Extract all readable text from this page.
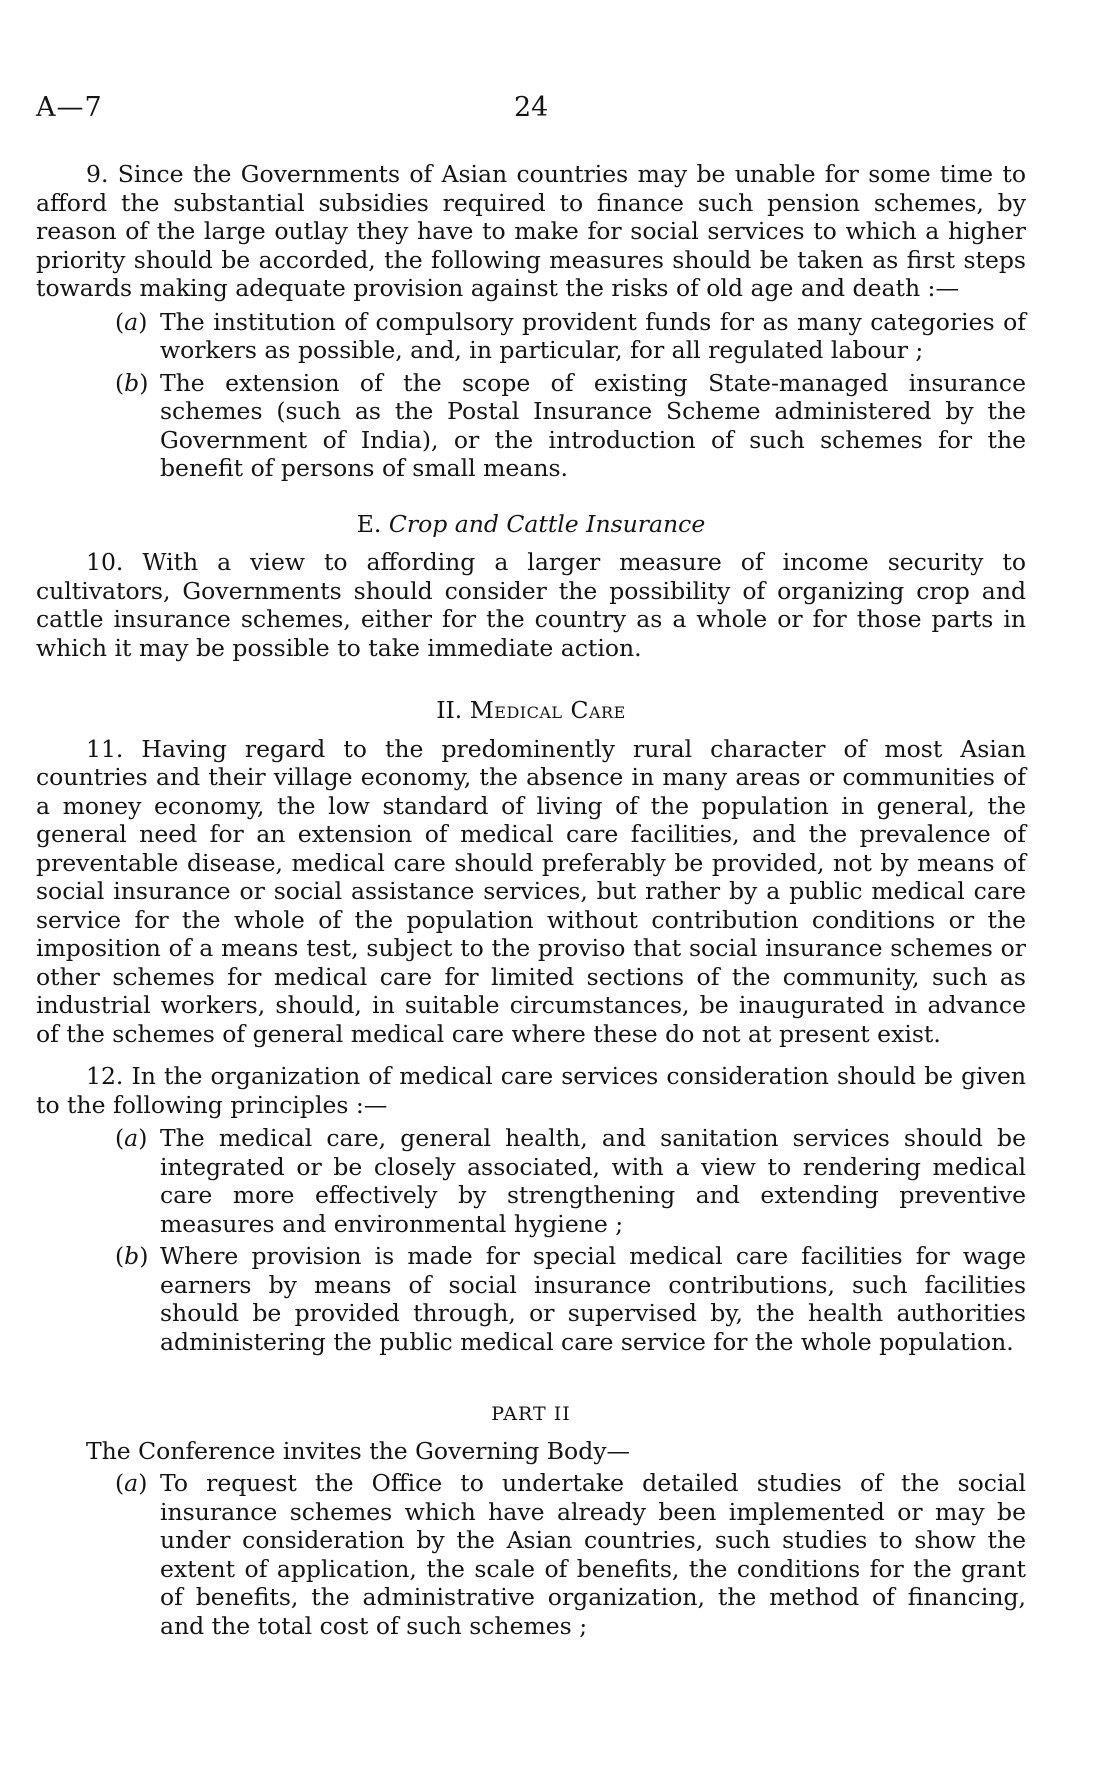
A—7	24

9. Since the Governments of Asian countries may be unable for some time to afford the substantial subsidies required to finance such pension schemes, by reason of the large outlay they have to make for social services to which a higher priority should be accorded, the following measures should be taken as first steps towards making adequate provision against the risks of old age and death :—

(a) The institution of compulsory provident funds for as many categories of workers as possible, and, in particular, for all regulated labour ;

(b) The extension of the scope of existing State-managed insurance schemes (such as the Postal Insurance Scheme administered by the Government of India), or the introduction of such schemes for the benefit of persons of small means.

E. Crop and Cattle Insurance

10. With a view to affording a larger measure of income security to cultivators, Governments should consider the possibility of organizing crop and cattle insurance schemes, either for the country as a whole or for those parts in which it may be possible to take immediate action.

II. Medical Care

11. Having regard to the predominently rural character of most Asian countries and their village economy, the absence in many areas or communities of a money economy, the low standard of living of the population in general, the general need for an extension of medical care facilities, and the prevalence of preventable disease, medical care should preferably be provided, not by means of social insurance or social assistance services, but rather by a public medical care service for the whole of the population without contribution conditions or the imposition of a means test, subject to the proviso that social insurance schemes or other schemes for medical care for limited sections of the community, such as industrial workers, should, in suitable circumstances, be inaugurated in advance of the schemes of general medical care where these do not at present exist.

12. In the organization of medical care services consideration should be given to the following principles :—

(a) The medical care, general health, and sanitation services should be integrated or be closely associated, with a view to rendering medical care more effectively by strengthening and extending preventive measures and environmental hygiene ;

(b) Where provision is made for special medical care facilities for wage earners by means of social insurance contributions, such facilities should be provided through, or supervised by, the health authorities administering the public medical care service for the whole population.

PART II

The Conference invites the Governing Body—

(a) To request the Office to undertake detailed studies of the social insurance schemes which have already been implemented or may be under consideration by the Asian countries, such studies to show the extent of application, the scale of benefits, the conditions for the grant of benefits, the administrative organization, the method of financing, and the total cost of such schemes ;
